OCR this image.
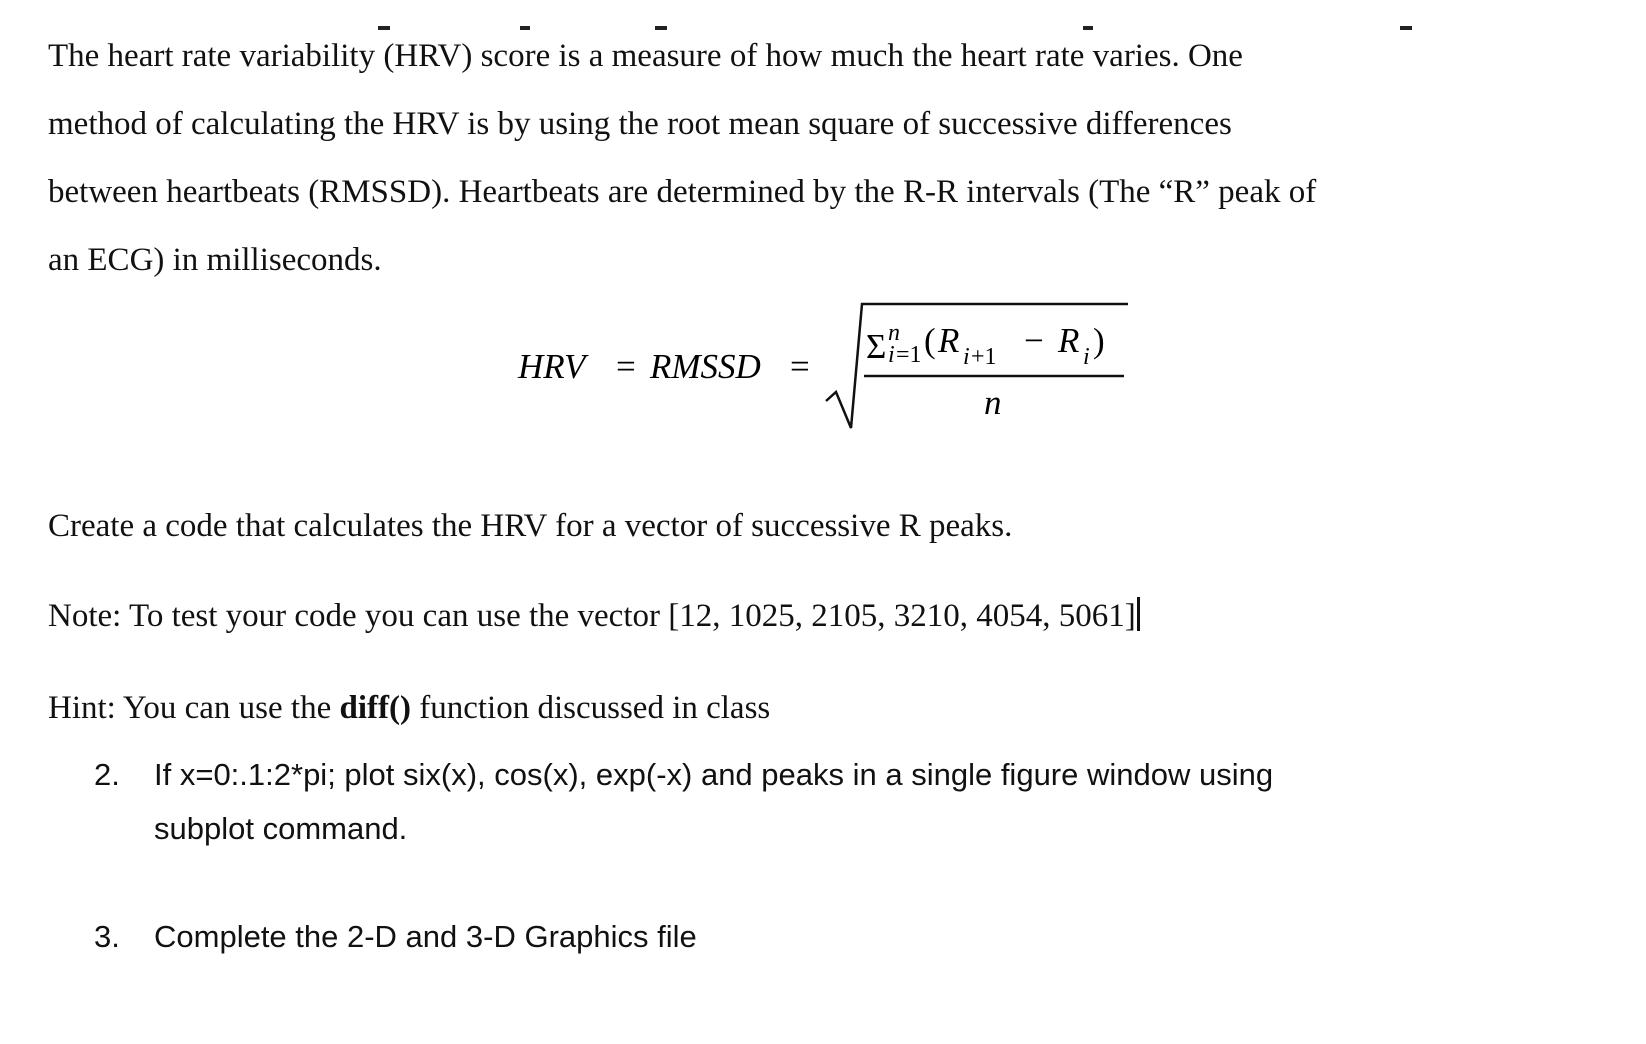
The heart rate variability (HRV) score is a measure of how much the heart rate varies. One
method of calculating the HRV is by using the root mean square of successive differences
between heartbeats (RMSSD). Heartbeats are determined by the R-R intervals (The “R” peak of
an ECG) in milliseconds.
HRV = RMSSD =
Σ n
i =1 ( R i +1 − R i )
n

Create a code that calculates the HRV for a vector of successive R peaks.

Note: To test your code you can use the vector [12, 1025, 2105, 3210, 4054, 5061]

Hint: You can use the diff() function discussed in class

2. If x=0:.1:2*pi; plot six(x), cos(x), exp(-x) and peaks in a single figure window using
subplot command.
3. Complete the 2-D and 3-D Graphics file
